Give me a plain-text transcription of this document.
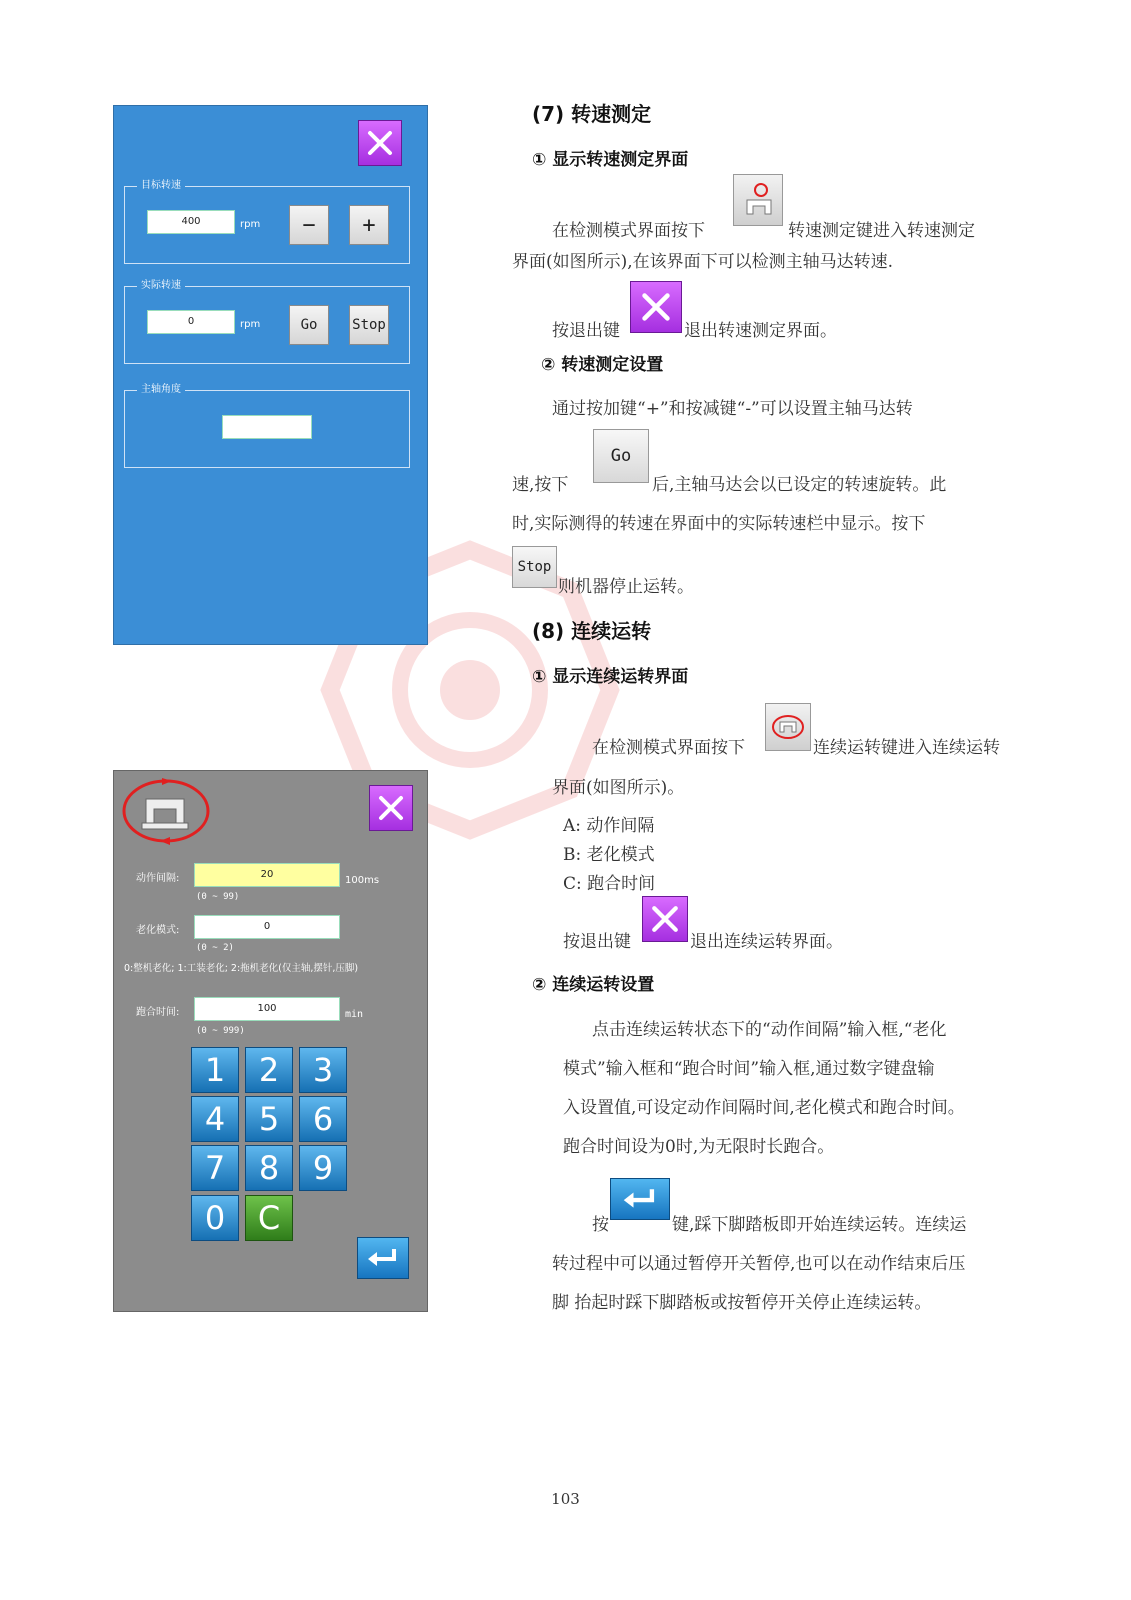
目标转速
400	rpm	−	+
实际转速
0	rpm	Go	Stop
主轴角度
动作间隔:	20
100ms
(0 ~ 99)
老化模式:	0
(0 ~ 2)
0:整机老化; 1:工装老化; 2:拖机老化(仅主轴,摆针,压脚)
跑合时间:	100
min
(0 ~ 999)
1	2	3
4	5	6
7	8	9
0	C
(7) 转速测定
① 显示转速测定界面
在检测模式界面按下	转速测定键进入转速测定
界面(如图所示),在该界面下可以检测主轴马达转速.
按退出键	退出转速测定界面。
② 转速测定设置
通过按加键“+”和按减键“-”可以设置主轴马达转
速,按下
Go
后,主轴马达会以已设定的转速旋转。此
时,实际测得的转速在界面中的实际转速栏中显示。按下
Stop
则机器停止运转。
(8) 连续运转
① 显示连续运转界面
在检测模式界面按下	连续运转键进入连续运转
界面(如图所示)。
A: 动作间隔
B: 老化模式
C: 跑合时间
按退出键	退出连续运转界面。
② 连续运转设置
点击连续运转状态下的“动作间隔”输入框,“老化
模式”输入框和“跑合时间”输入框,通过数字键盘输
入设置值,可设定动作间隔时间,老化模式和跑合时间。
跑合时间设为0时,为无限时长跑合。
按	键,踩下脚踏板即开始连续运转。连续运
转过程中可以通过暂停开关暂停,也可以在动作结束后压
脚 抬起时踩下脚踏板或按暂停开关停止连续运转。
103
